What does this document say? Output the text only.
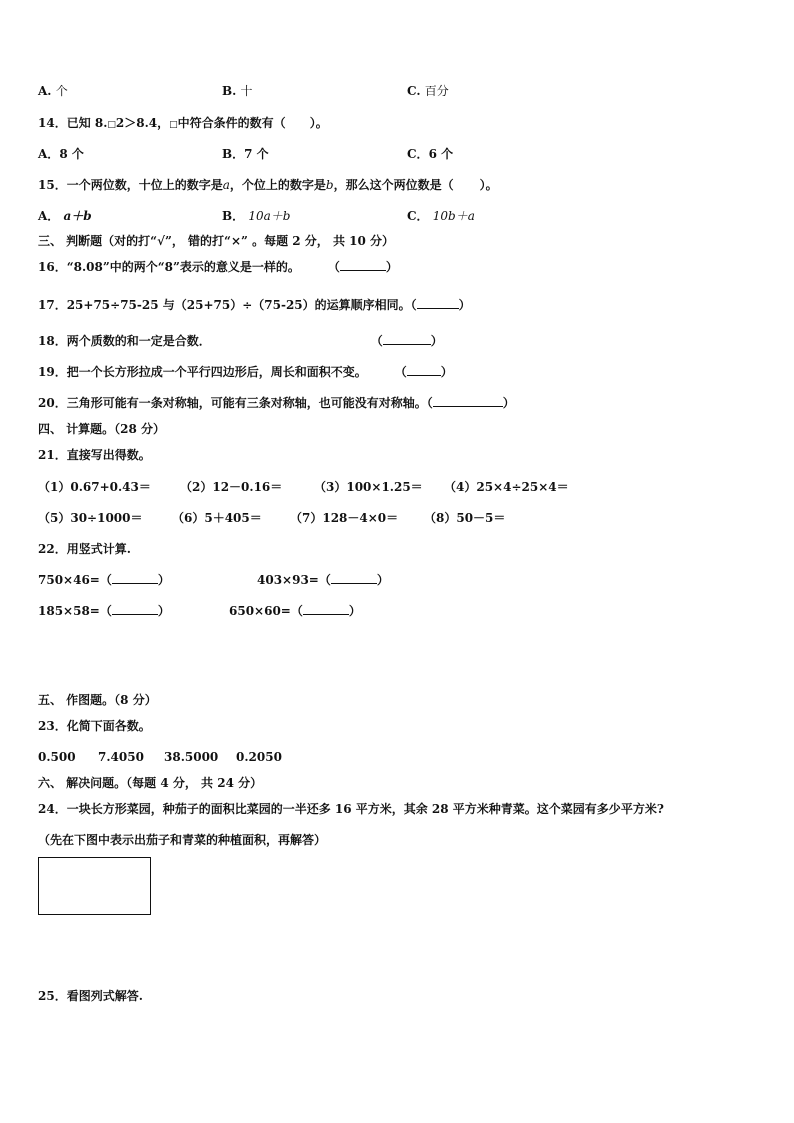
A. 个	B. 十	C. 百分
14．已知 8.□2＞8.4，□中符合条件的数有（ ）。
A．8 个	B．7 个	C．6 个
15．一个两位数，十位上的数字是a，个位上的数字是b，那么这个两位数是（ ）。
A． a＋b	B． 10a＋b	C． 10b＋a
三、 判断题（对的打“√”， 错的打“×” 。每题 2 分， 共 10 分）
16．“8.08”中的两个“8”表示的意义是一样的。 （	）
17．25+75÷75-25 与（25+75）÷（75-25）的运算顺序相同。（	）
18．两个质数的和一定是合数．	（	）
19．把一个长方形拉成一个平行四边形后，周长和面积不变。 （	）
20．三角形可能有一条对称轴，可能有三条对称轴，也可能没有对称轴。（	）
四、 计算题。（28 分）
21．直接写出得数。
（1）0.67+0.43＝ （2）12－0.16＝	（3）100×1.25＝ （4）25×4÷25×4＝
（5）30÷1000＝ （6）5＋405＝ （7）128－4×0＝ （8）50－5＝
22．用竖式计算.
750×46=（	）	403×93=（	）
185×58=（	）	650×60=（	）
五、 作图题。（8 分）
23．化简下面各数。
0.500 7.4050 38.5000 0.2050
六、 解决问题。（每题 4 分， 共 24 分）
24．一块长方形菜园，种茄子的面积比菜园的一半还多 16 平方米，其余 28 平方米种青菜。这个菜园有多少平方米?
（先在下图中表示出茄子和青菜的种植面积，再解答）
25．看图列式解答.
